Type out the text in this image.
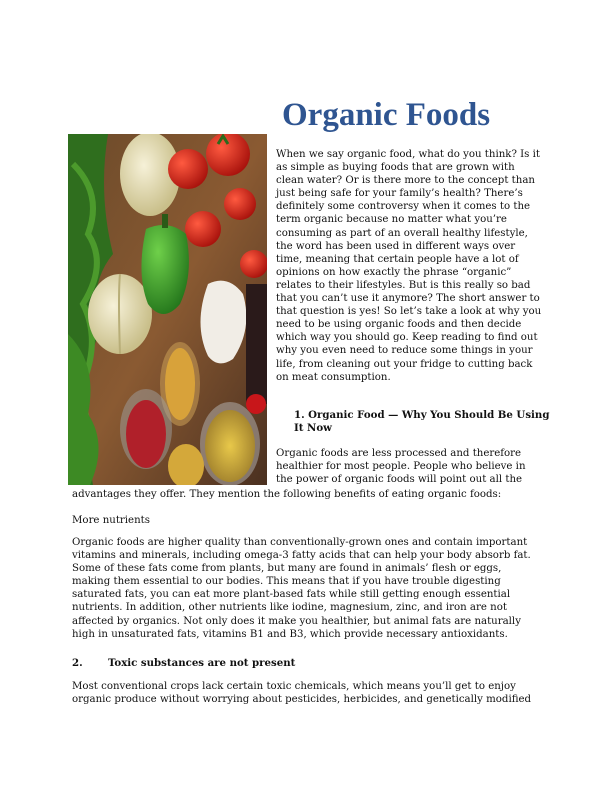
Organic Foods

When we say organic food, what do you think? Is it as simple as buying foods that are grown with clean water? Or is there more to the concept than just being safe for your family’s health? There’s definitely some controversy when it comes to the term organic because no matter what you’re consuming as part of an overall healthy lifestyle, the word has been used in different ways over time, meaning that certain people have a lot of opinions on how exactly the phrase “organic” relates to their lifestyles. But is this really so bad that you can’t use it anymore? The short answer to that question is yes! So let’s take a look at why you need to be using organic foods and then decide which way you should go. Keep reading to find out why you even need to reduce some things in your life, from cleaning out your fridge to cutting back on meat consumption.

1. Organic Food — Why You Should Be Using It Now

Organic foods are less processed and therefore healthier for most people. People who believe in the power of organic foods will point out all the

advantages they offer. They mention the following benefits of eating organic foods:

More nutrients

Organic foods are higher quality than conventionally-grown ones and contain important vitamins and minerals, including omega-3 fatty acids that can help your body absorb fat. Some of these fats come from plants, but many are found in animals’ flesh or eggs, making them essential to our bodies. This means that if you have trouble digesting saturated fats, you can eat more plant-based fats while still getting enough essential nutrients. In addition, other nutrients like iodine, magnesium, zinc, and iron are not affected by organics. Not only does it make you healthier, but animal fats are naturally high in unsaturated fats, vitamins B1 and B3, which provide necessary antioxidants.

2. Toxic substances are not present

Most conventional crops lack certain toxic chemicals, which means you’ll get to enjoy organic produce without worrying about pesticides, herbicides, and genetically modified
